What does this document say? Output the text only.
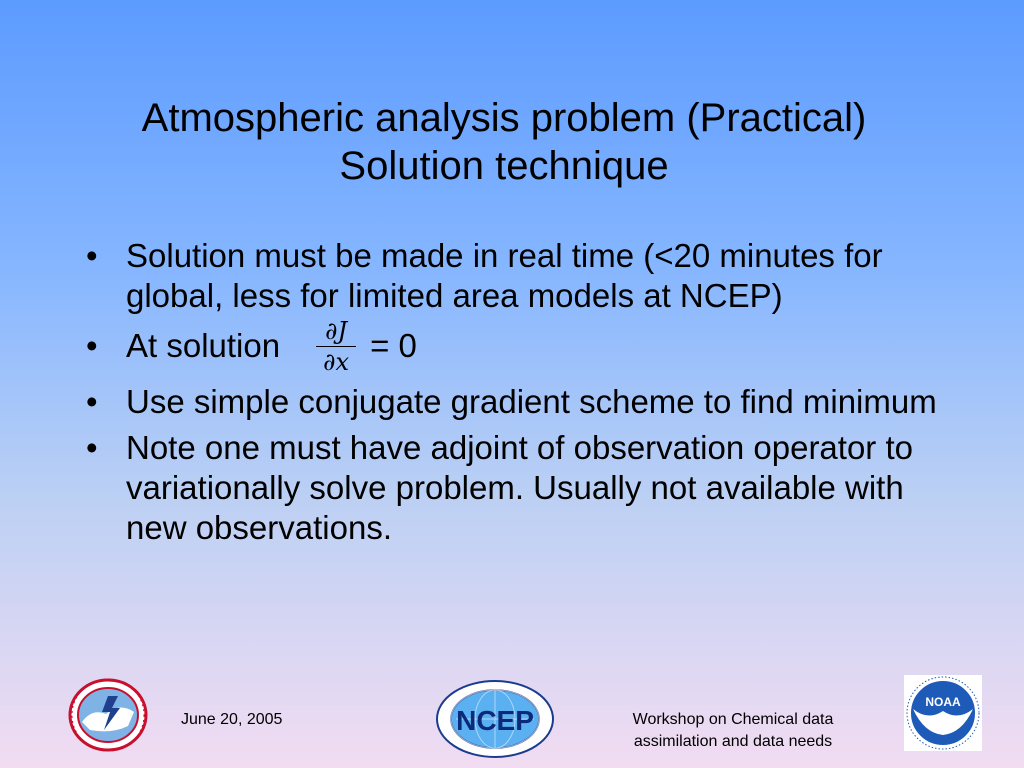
Atmospheric analysis problem (Practical)
Solution technique
• Solution must be made in real time (<20 minutes for global, less for limited area models at NCEP)
• At solution $\frac{\partial J}{\partial x} = 0$
• Use simple conjugate gradient scheme to find minimum
• Note one must have adjoint of observation operator to variationally solve problem. Usually not available with new observations.
June 20, 2005	NCEP	Workshop on Chemical data
assimilation and data needs
NOAA
